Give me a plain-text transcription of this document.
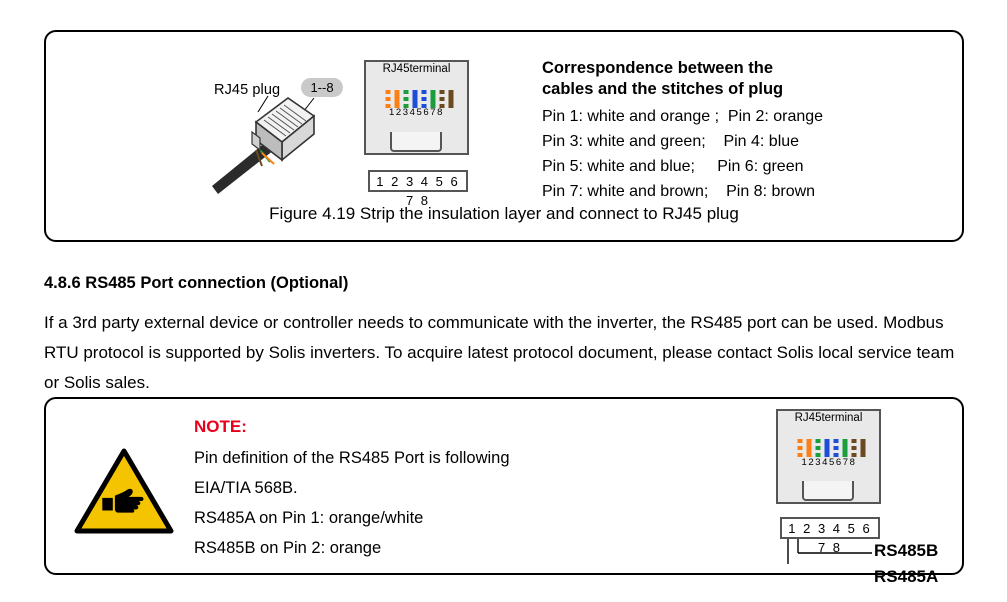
RJ45 plug	1--8
RJ45terminal
12345678
1 2 3 4 5 6 7 8
Correspondence between the
cables and the stitches of plug
Pin 1: white and orange ;  Pin 2: orange
Pin 3: white and green;    Pin 4: blue
Pin 5: white and blue;     Pin 6: green
Pin 7: white and brown;    Pin 8: brown
Figure 4.19 Strip the insulation layer and connect to RJ45 plug
4.8.6 RS485 Port connection (Optional)
If a 3rd party external device or controller needs to communicate with the inverter, the RS485 port can be used. Modbus RTU protocol is supported by Solis inverters. To acquire latest protocol document, please contact Solis local service team or Solis sales.
NOTE:
Pin definition of the RS485 Port is following
EIA/TIA 568B.
RS485A on Pin 1: orange/white
RS485B on Pin 2: orange
RJ45terminal
1 2 3 4 5 6 7 8
12345678
RS485B
RS485A
